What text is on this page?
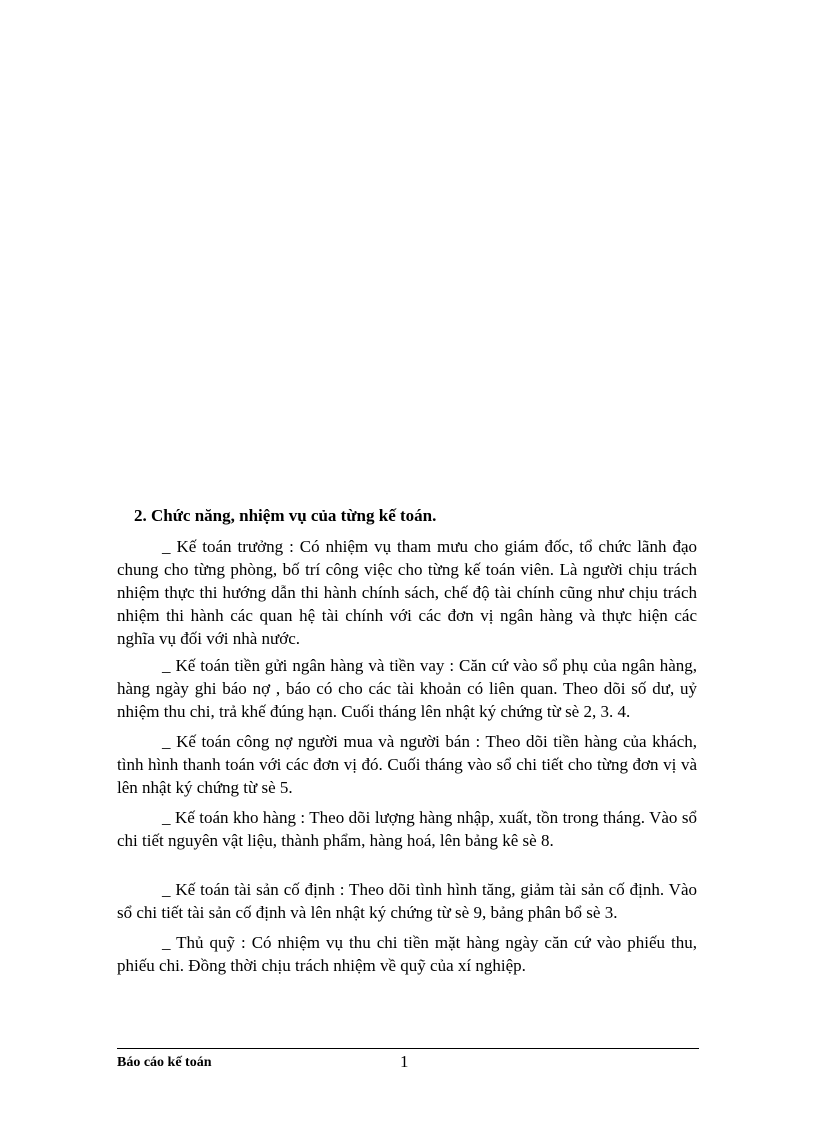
2. Chức năng, nhiệm vụ của từng kế toán.

_ Kế toán trưởng : Có nhiệm vụ tham mưu cho giám đốc, tổ chức lãnh đạo chung cho từng phòng, bố trí công việc cho từng kế toán viên. Là người chịu trách nhiệm thực thi hướng dẫn thi hành chính sách, chế độ tài chính cũng như chịu trách nhiệm thi hành các quan hệ tài chính với các đơn vị ngân hàng và thực hiện các nghĩa vụ đối với nhà nước.

_ Kế toán tiền gửi ngân hàng và tiền vay : Căn cứ vào sổ phụ của ngân hàng, hàng ngày ghi báo nợ , báo có cho các tài khoản có liên quan. Theo dõi số dư, uỷ nhiệm thu chi, trả khế đúng hạn. Cuối tháng lên nhật ký chứng từ sè 2, 3. 4.

_ Kế toán công nợ người mua và người bán : Theo dõi tiền hàng của khách, tình hình thanh toán với các đơn vị đó. Cuối tháng vào sổ chi tiết cho từng đơn vị và lên nhật ký chứng từ sè 5.

_ Kế toán kho hàng : Theo dõi lượng hàng nhập, xuất, tồn trong tháng. Vào sổ chi tiết nguyên vật liệu, thành phẩm, hàng hoá, lên bảng kê sè 8.

_ Kế toán tài sản cố định : Theo dõi tình hình tăng, giảm tài sản cố định. Vào sổ chi tiết tài sản cố định và lên nhật ký chứng từ sè 9, bảng phân bổ sè 3.

_ Thủ quỹ : Có nhiệm vụ thu chi tiền mặt hàng ngày căn cứ vào phiếu thu, phiếu chi. Đồng thời chịu trách nhiệm về quỹ của xí nghiệp.

Báo cáo kế toán	1
